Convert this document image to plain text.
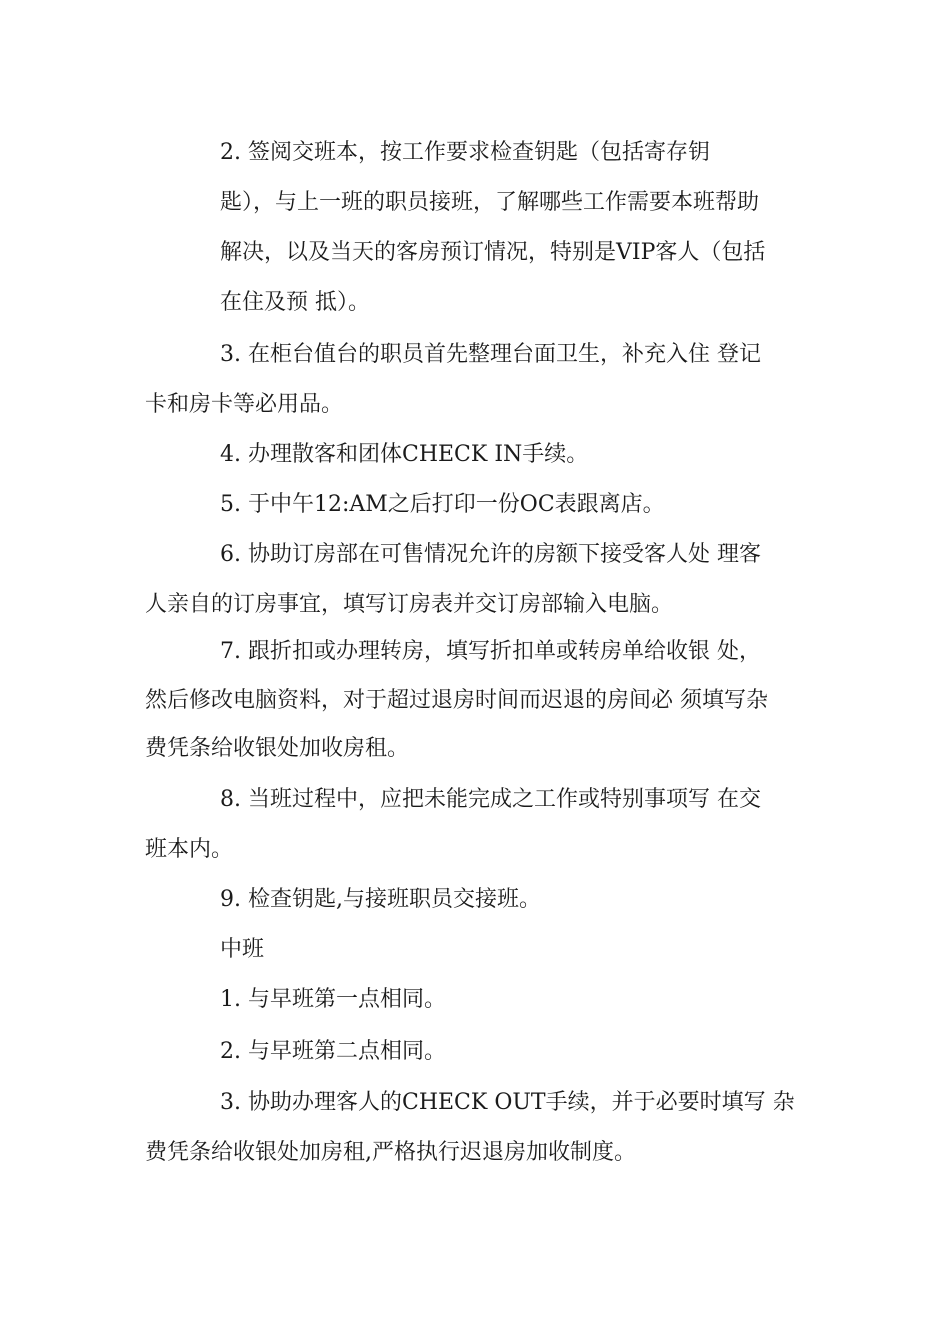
2. 签阅交班本，按工作要求检查钥匙（包括寄存钥
匙），与上一班的职员接班，了解哪些工作需要本班帮助
解决，以及当天的客房预订情况，特别是VIP客人（包括
在住及预 抵）。
3. 在柜台值台的职员首先整理台面卫生，补充入住 登记
卡和房卡等必用品。
4. 办理散客和团体CHECK IN手续。
5. 于中午12:AM之后打印一份OC表跟离店。
6. 协助订房部在可售情况允许的房额下接受客人处 理客
人亲自的订房事宜，填写订房表并交订房部输入电脑。
7. 跟折扣或办理转房，填写折扣单或转房单给收银 处，
然后修改电脑资料，对于超过退房时间而迟退的房间必 须填写杂
费凭条给收银处加收房租。
8. 当班过程中，应把未能完成之工作或特别事项写 在交
班本内。
9. 检查钥匙,与接班职员交接班。
中班
1. 与早班第一点相同。
2. 与早班第二点相同。
3. 协助办理客人的CHECK OUT手续，并于必要时填写 杂
费凭条给收银处加房租,严格执行迟退房加收制度。
